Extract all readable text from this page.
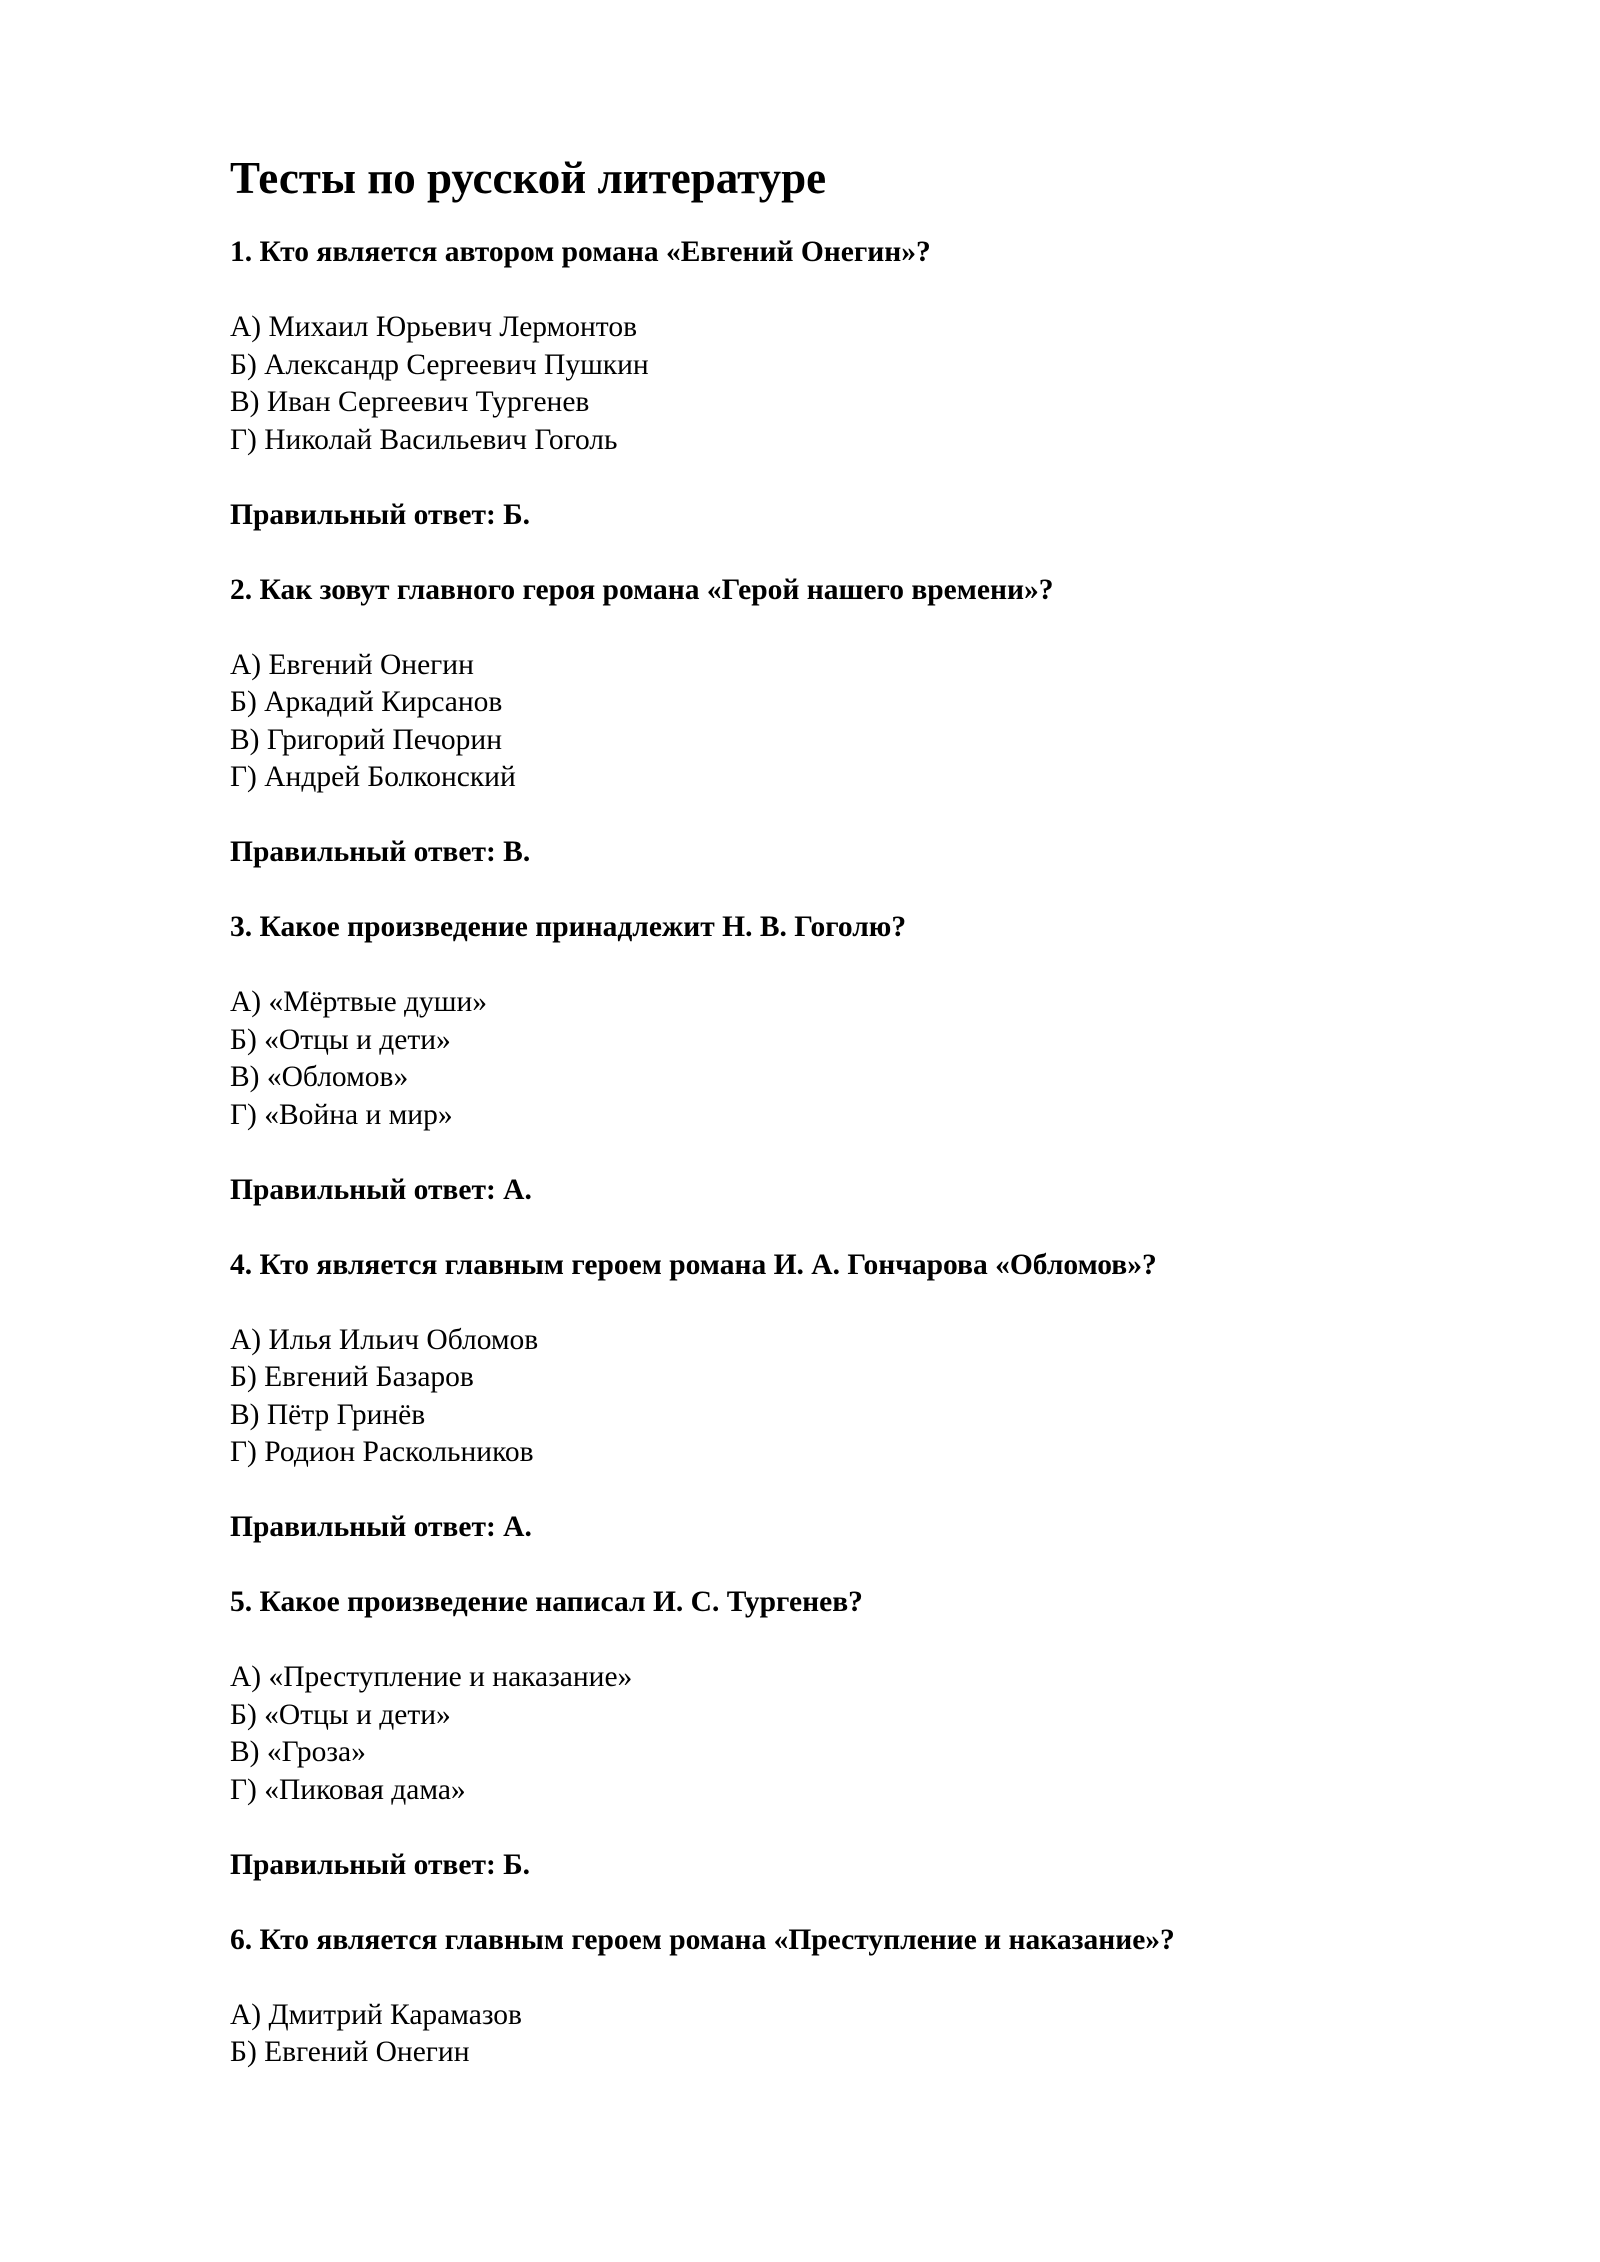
Тесты по русской литературе

1. Кто является автором романа «Евгений Онегин»?

А) Михаил Юрьевич Лермонтов
Б) Александр Сергеевич Пушкин
В) Иван Сергеевич Тургенев
Г) Николай Васильевич Гоголь

Правильный ответ: Б.

2. Как зовут главного героя романа «Герой нашего времени»?

А) Евгений Онегин
Б) Аркадий Кирсанов
В) Григорий Печорин
Г) Андрей Болконский

Правильный ответ: В.

3. Какое произведение принадлежит Н. В. Гоголю?

А) «Мёртвые души»
Б) «Отцы и дети»
В) «Обломов»
Г) «Война и мир»

Правильный ответ: А.

4. Кто является главным героем романа И. А. Гончарова «Обломов»?

А) Илья Ильич Обломов
Б) Евгений Базаров
В) Пётр Гринёв
Г) Родион Раскольников

Правильный ответ: А.

5. Какое произведение написал И. С. Тургенев?

А) «Преступление и наказание»
Б) «Отцы и дети»
В) «Гроза»
Г) «Пиковая дама»

Правильный ответ: Б.

6. Кто является главным героем романа «Преступление и наказание»?

А) Дмитрий Карамазов
Б) Евгений Онегин
